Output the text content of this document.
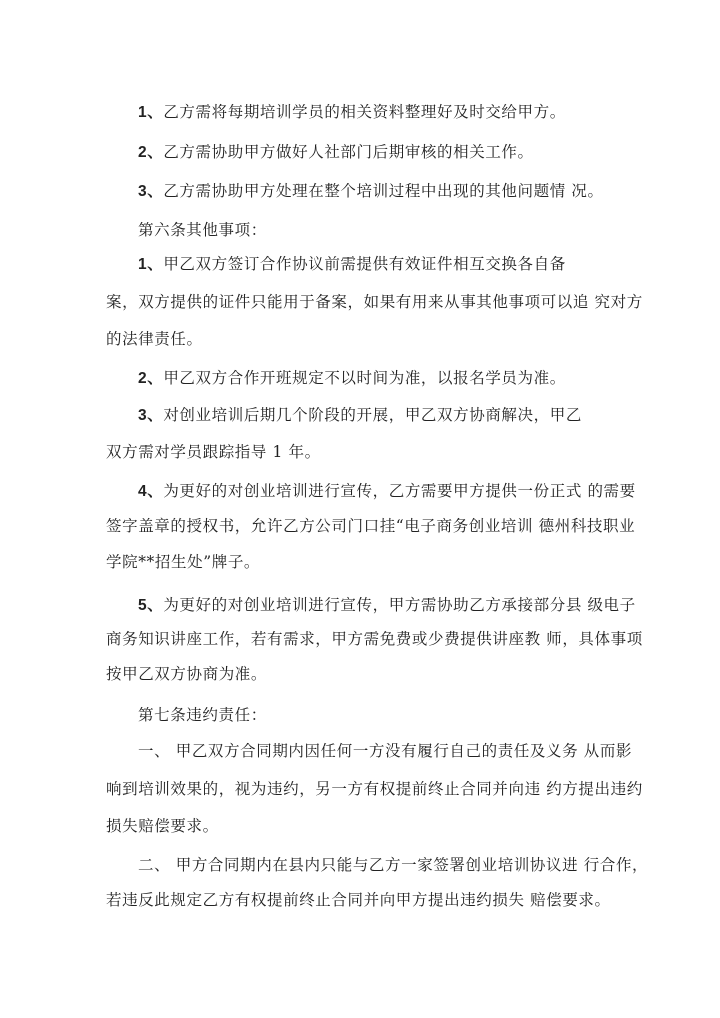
1、乙方需将每期培训学员的相关资料整理好及时交给甲方。
2、乙方需协助甲方做好人社部门后期审核的相关工作。
3、乙方需协助甲方处理在整个培训过程中出现的其他问题情 况。
第六条其他事项：
1、甲乙双方签订合作协议前需提供有效证件相互交换各自备
案，双方提供的证件只能用于备案，如果有用来从事其他事项可以追 究对方
的法律责任。
2、甲乙双方合作开班规定不以时间为准，以报名学员为准。
3、对创业培训后期几个阶段的开展，甲乙双方协商解决，甲乙
双方需对学员跟踪指导 1 年。
4、为更好的对创业培训进行宣传，乙方需要甲方提供一份正式 的需要
签字盖章的授权书，允许乙方公司门口挂“电子商务创业培训 德州科技职业
学院**招生处”牌子。
5、为更好的对创业培训进行宣传，甲方需协助乙方承接部分县 级电子
商务知识讲座工作，若有需求，甲方需免费或少费提供讲座教 师，具体事项
按甲乙双方协商为准。
第七条违约责任：
一、 甲乙双方合同期内因任何一方没有履行自己的责任及义务 从而影
响到培训效果的，视为违约，另一方有权提前终止合同并向违 约方提出违约
损失赔偿要求。
二、 甲方合同期内在县内只能与乙方一家签署创业培训协议进 行合作，
若违反此规定乙方有权提前终止合同并向甲方提出违约损失 赔偿要求。
